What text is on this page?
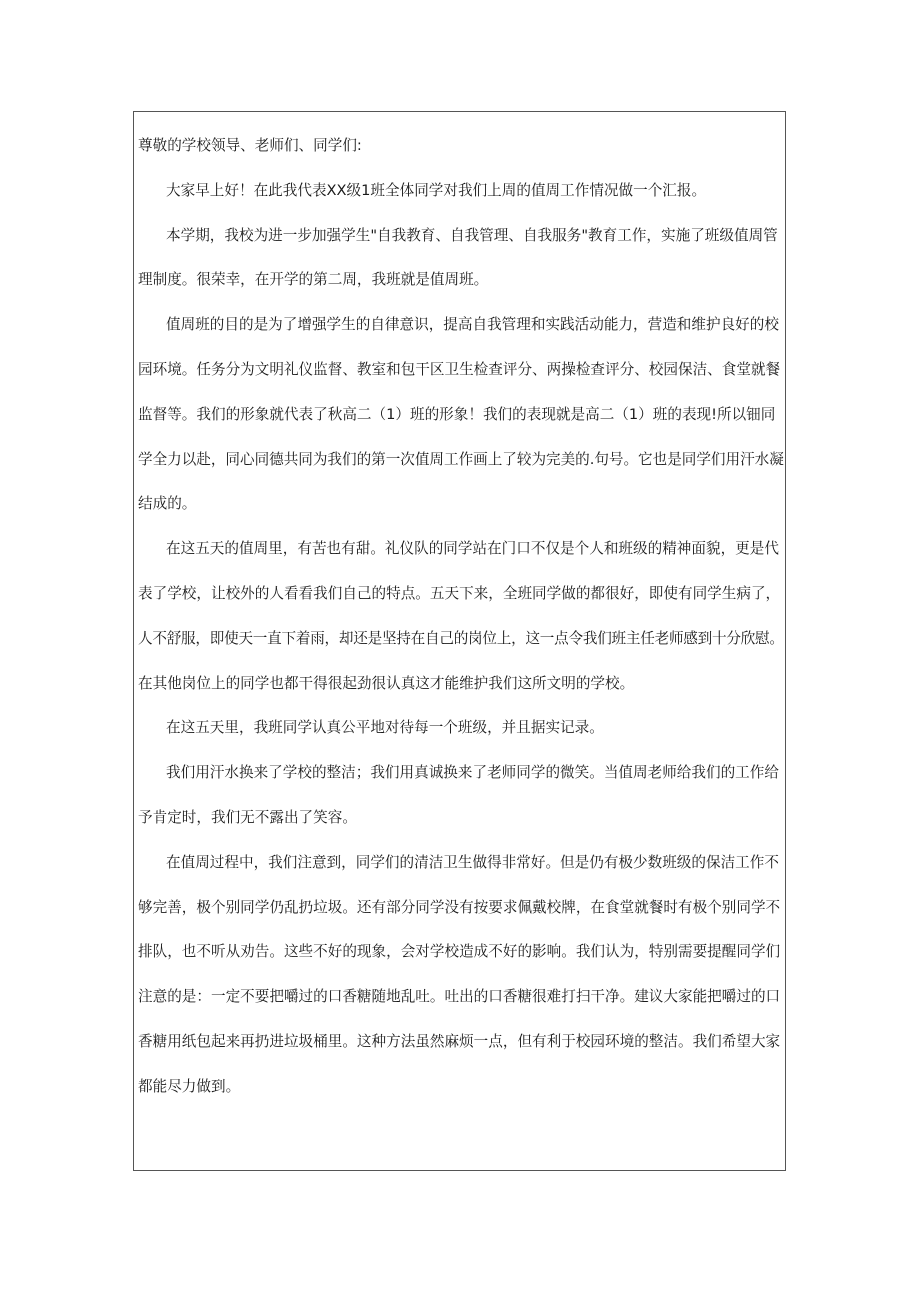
尊敬的学校领导、老师们、同学们:

大家早上好！在此我代表XX级1班全体同学对我们上周的值周工作情况做一个汇报。

本学期，我校为进一步加强学生"自我教育、自我管理、自我服务"教育工作，实施了班级值周管

理制度。很荣幸，在开学的第二周，我班就是值周班。

值周班的目的是为了增强学生的自律意识，提高自我管理和实践活动能力，营造和维护良好的校

园环境。任务分为文明礼仪监督、教室和包干区卫生检查评分、两操检查评分、校园保洁、食堂就餐

监督等。我们的形象就代表了秋高二（1）班的形象！我们的表现就是高二（1）班的表现!所以钿同

学全力以赴，同心同德共同为我们的第一次值周工作画上了较为完美的.句号。它也是同学们用汗水凝

结成的。

在这五天的值周里，有苦也有甜。礼仪队的同学站在门口不仅是个人和班级的精神面貌，更是代

表了学校，让校外的人看看我们自己的特点。五天下来，全班同学做的都很好，即使有同学生病了，

人不舒服，即使天一直下着雨，却还是坚持在自己的岗位上，这一点令我们班主任老师感到十分欣慰。

在其他岗位上的同学也都干得很起劲很认真这才能维护我们这所文明的学校。

在这五天里，我班同学认真公平地对待每一个班级，并且据实记录。

我们用汗水换来了学校的整洁；我们用真诚换来了老师同学的微笑。当值周老师给我们的工作给

予肯定时，我们无不露出了笑容。

在值周过程中，我们注意到，同学们的清洁卫生做得非常好。但是仍有极少数班级的保洁工作不

够完善，极个别同学仍乱扔垃圾。还有部分同学没有按要求佩戴校牌，在食堂就餐时有极个别同学不

排队，也不听从劝告。这些不好的现象，会对学校造成不好的影响。我们认为，特别需要提醒同学们

注意的是：一定不要把嚼过的口香糖随地乱吐。吐出的口香糖很难打扫干净。建议大家能把嚼过的口

香糖用纸包起来再扔进垃圾桶里。这种方法虽然麻烦一点，但有利于校园环境的整洁。我们希望大家

都能尽力做到。
